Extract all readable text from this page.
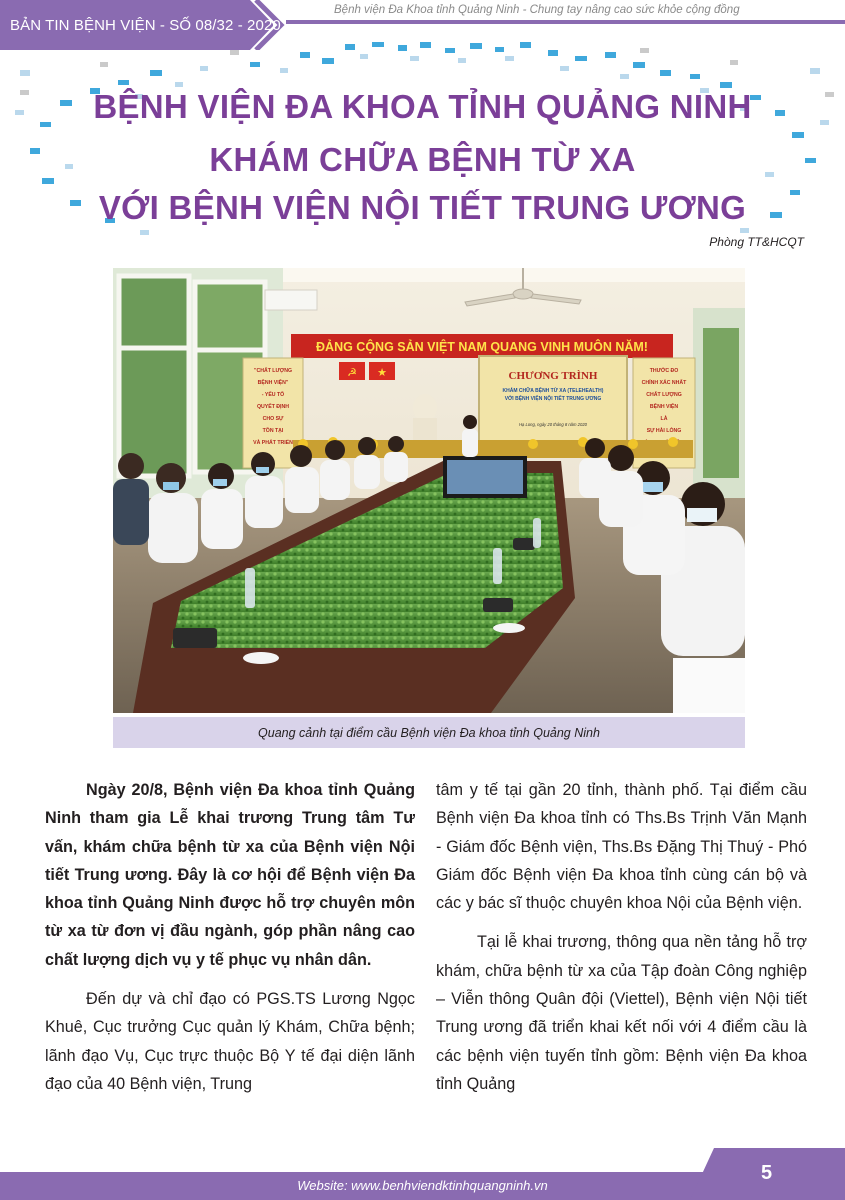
BẢN TIN BỆNH VIỆN - SỐ 08/32 - 2020
Bệnh viện Đa Khoa tỉnh Quảng Ninh - Chung tay nâng cao sức khỏe cộng đồng
BỆNH VIỆN ĐA KHOA TỈNH QUẢNG NINH
KHÁM CHỮA BỆNH TỪ XA
VỚI BỆNH VIỆN NỘI TIẾT TRUNG ƯƠNG
Phòng TT&HCQT
ĐẢNG CỘNG SẢN VIỆT NAM QUANG VINH MUÔN NĂM!
☭ ★	CHƯƠNG TRÌNH
KHÁM CHỮA BỆNH TỪ XA (TELEHEALTH)
VỚI BỆNH VIỆN NỘI TIẾT TRUNG ƯƠNG
Hạ Long, ngày 20 tháng 8 năm 2020
"CHẤT LƯỢNG
BỆNH VIỆN"
- YẾU TỐ
QUYẾT ĐỊNH
CHO SỰ
TỒN TẠI
VÀ PHÁT TRIỂN
THƯỚC ĐO
CHÍNH XÁC NHẤT
CHẤT LƯỢNG
BỆNH VIỆN
LÀ
SỰ HÀI LÒNG
Quang cảnh tại điểm cầu Bệnh viện Đa khoa tỉnh Quảng Ninh

Ngày 20/8, Bệnh viện Đa khoa tỉnh Quảng Ninh tham gia Lễ khai trương Trung tâm Tư vấn, khám chữa bệnh từ xa của Bệnh viện Nội tiết Trung ương. Đây là cơ hội để Bệnh viện Đa khoa tỉnh Quảng Ninh được hỗ trợ chuyên môn từ xa từ đơn vị đầu ngành, góp phần nâng cao chất lượng dịch vụ y tế phục vụ nhân dân.

Đến dự và chỉ đạo có PGS.TS Lương Ngọc Khuê, Cục trưởng Cục quản lý Khám, Chữa bệnh; lãnh đạo Vụ, Cục trực thuộc Bộ Y tế đại diện lãnh đạo của 40 Bệnh viện, Trung

tâm y tế tại gần 20 tỉnh, thành phố. Tại điểm cầu Bệnh viện Đa khoa tỉnh có Ths.Bs Trịnh Văn Mạnh - Giám đốc Bệnh viện, Ths.Bs Đặng Thị Thuý - Phó Giám đốc Bệnh viện Đa khoa tỉnh cùng cán bộ và các y bác sĩ thuộc chuyên khoa Nội của Bệnh viện.

Tại lễ khai trương, thông qua nền tảng hỗ trợ khám, chữa bệnh từ xa của Tập đoàn Công nghiệp – Viễn thông Quân đội (Viettel), Bệnh viện Nội tiết Trung ương đã triển khai kết nối với 4 điểm cầu là các bệnh viện tuyến tỉnh gồm: Bệnh viện Đa khoa tỉnh Quảng

5
Website: www.benhviendktinhquangninh.vn
